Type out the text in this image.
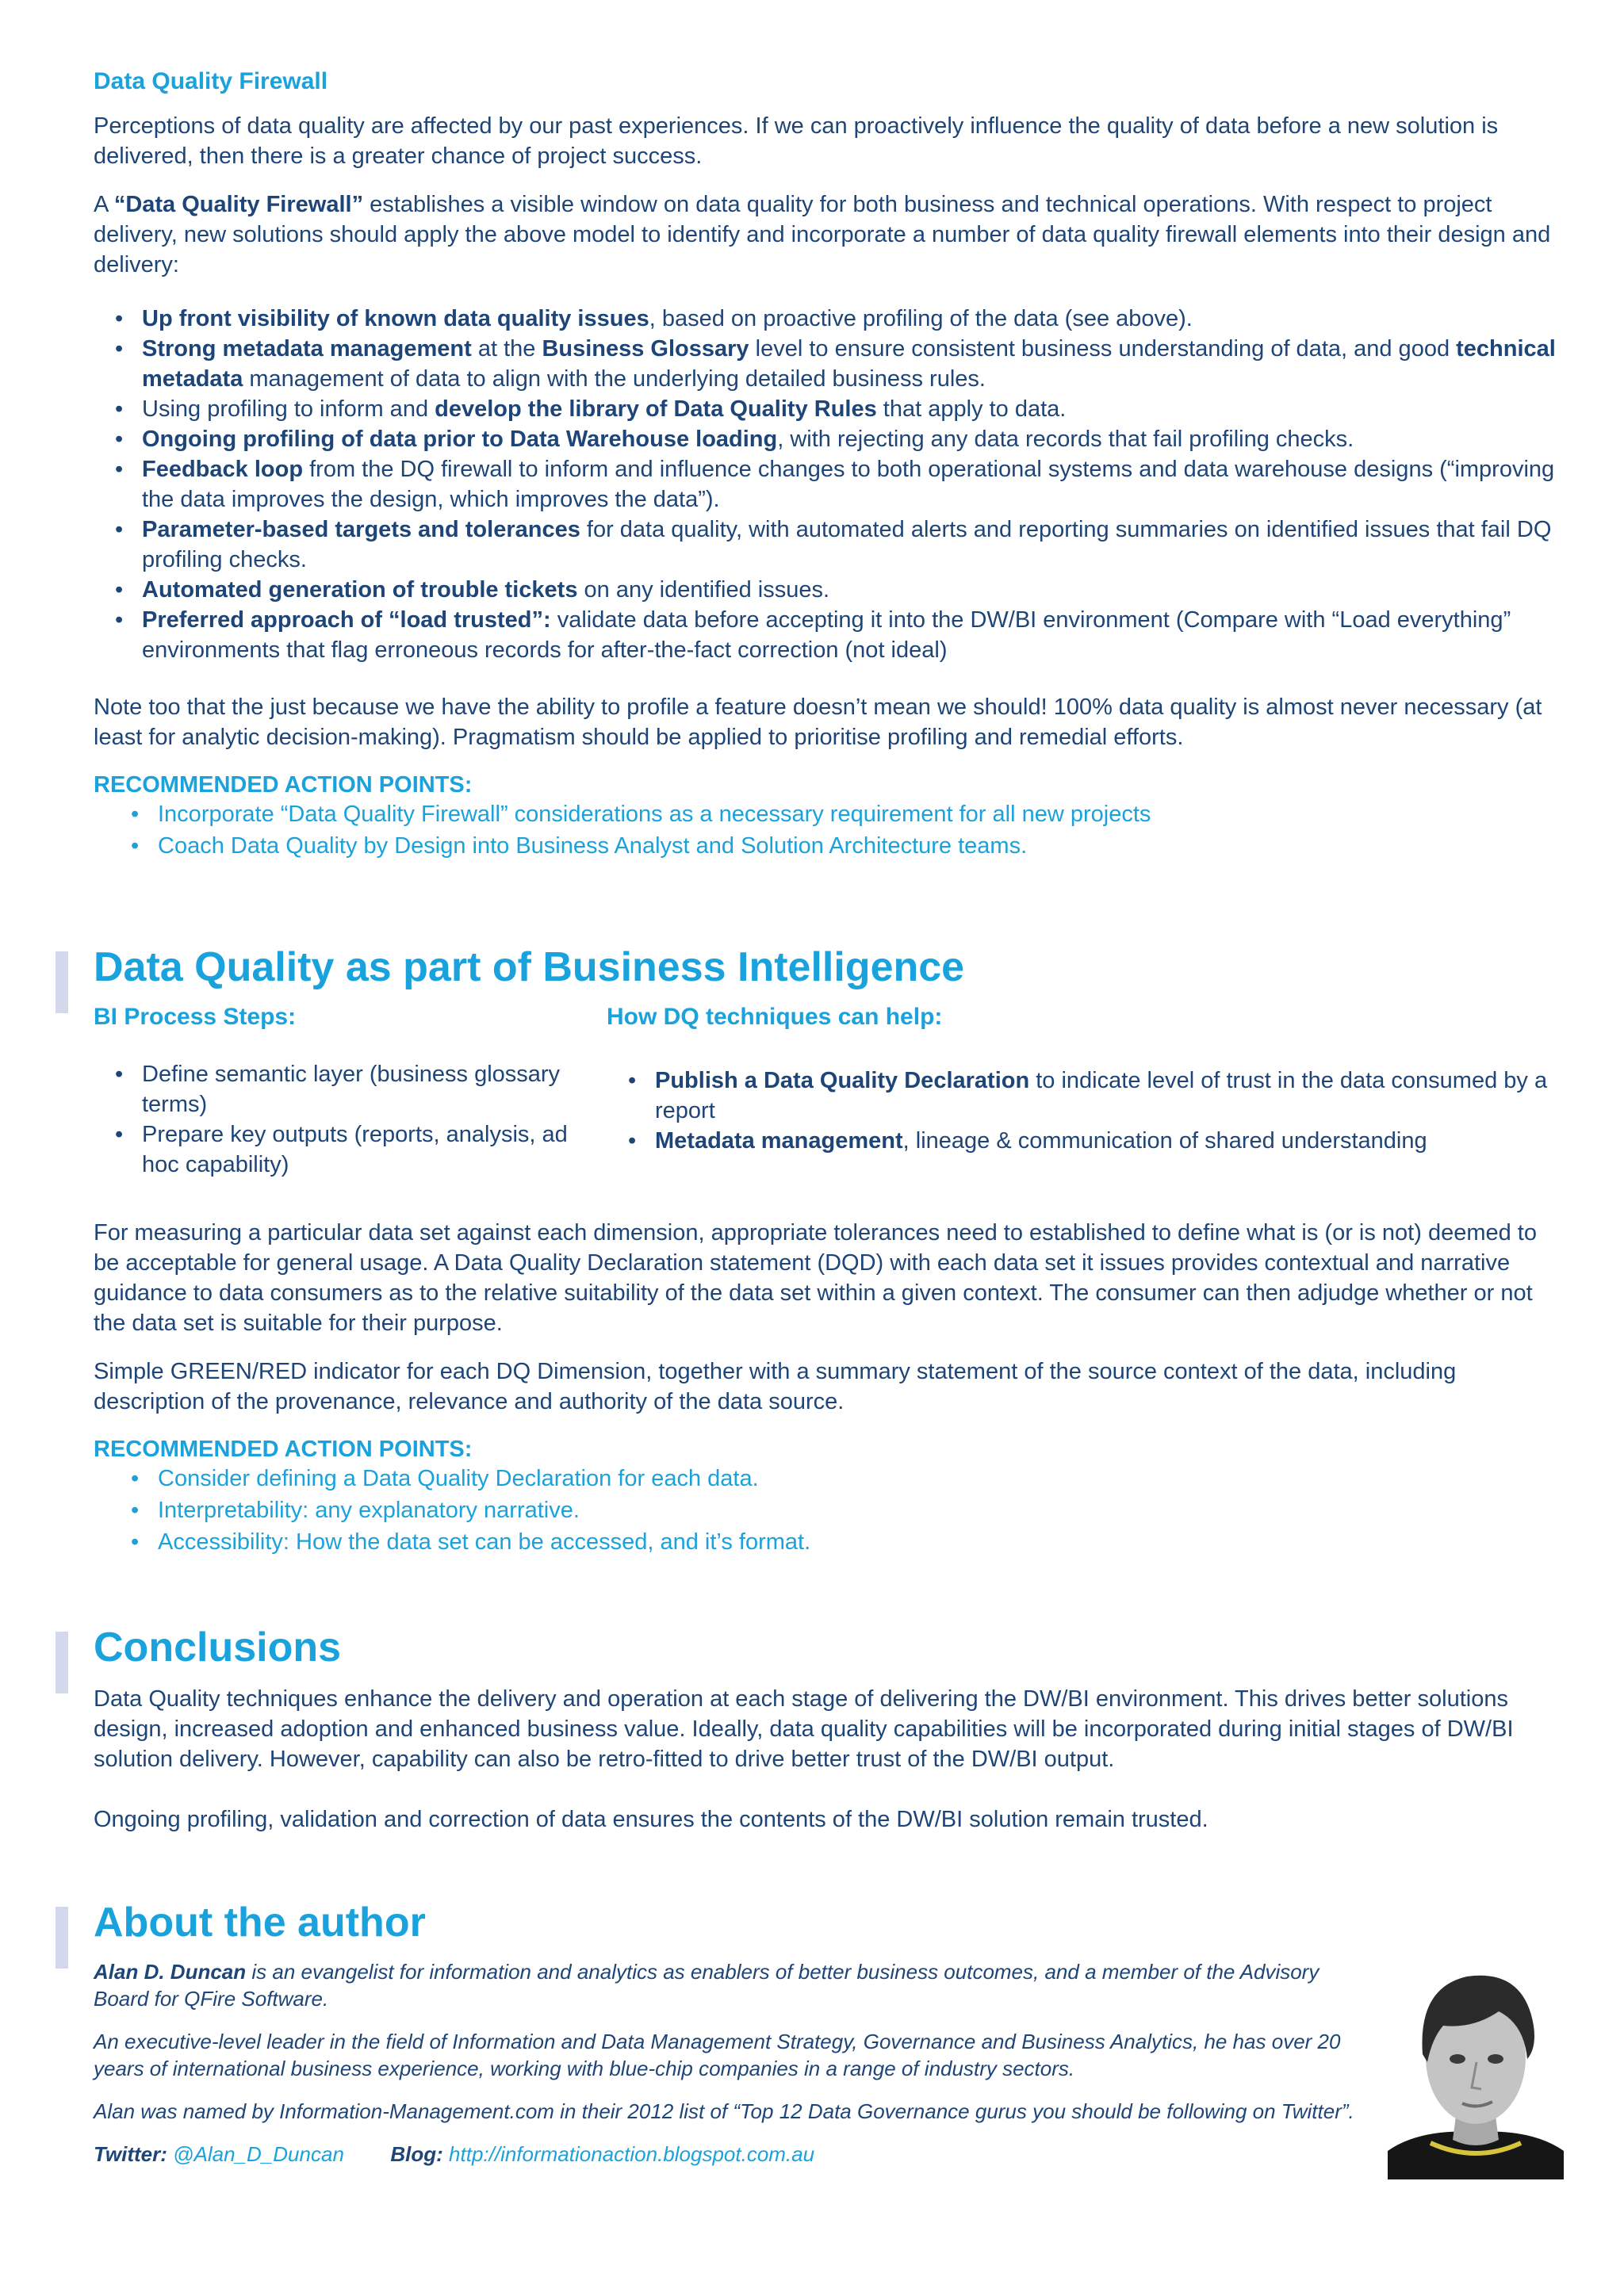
Data Quality Firewall

Perceptions of data quality are affected by our past experiences. If we can proactively influence the quality of data before a new solution is delivered, then there is a greater chance of project success.

A “Data Quality Firewall” establishes a visible window on data quality for both business and technical operations. With respect to project delivery, new solutions should apply the above model to identify and incorporate a number of data quality firewall elements into their design and delivery:

• Up front visibility of known data quality issues, based on proactive profiling of the data (see above).
• Strong metadata management at the Business Glossary level to ensure consistent business understanding of data, and good technical metadata management of data to align with the underlying detailed business rules.
• Using profiling to inform and develop the library of Data Quality Rules that apply to data.
• Ongoing profiling of data prior to Data Warehouse loading, with rejecting any data records that fail profiling checks.
• Feedback loop from the DQ firewall to inform and influence changes to both operational systems and data warehouse designs (“improving the data improves the design, which improves the data”).
• Parameter-based targets and tolerances for data quality, with automated alerts and reporting summaries on identified issues that fail DQ profiling checks.
• Automated generation of trouble tickets on any identified issues.
• Preferred approach of “load trusted”: validate data before accepting it into the DW/BI environment (Compare with “Load everything” environments that flag erroneous records for after-the-fact correction (not ideal)

Note too that the just because we have the ability to profile a feature doesn’t mean we should! 100% data quality is almost never necessary (at least for analytic decision-making). Pragmatism should be applied to prioritise profiling and remedial efforts.

RECOMMENDED ACTION POINTS:
• Incorporate “Data Quality Firewall” considerations as a necessary requirement for all new projects
• Coach Data Quality by Design into Business Analyst and Solution Architecture teams.
Data Quality as part of Business Intelligence
BI Process Steps:
• Define semantic layer (business glossary terms)
• Prepare key outputs (reports, analysis, ad hoc capability)
How DQ techniques can help:
• Publish a Data Quality Declaration to indicate level of trust in the data consumed by a report
• Metadata management, lineage & communication of shared understanding

For measuring a particular data set against each dimension, appropriate tolerances need to established to define what is (or is not) deemed to be acceptable for general usage. A Data Quality Declaration statement (DQD) with each data set it issues provides contextual and narrative guidance to data consumers as to the relative suitability of the data set within a given context. The consumer can then adjudge whether or not the data set is suitable for their purpose.

Simple GREEN/RED indicator for each DQ Dimension, together with a summary statement of the source context of the data, including description of the provenance, relevance and authority of the data source.

RECOMMENDED ACTION POINTS:
• Consider defining a Data Quality Declaration for each data.
• Interpretability: any explanatory narrative.
• Accessibility: How the data set can be accessed, and it’s format.
Conclusions

Data Quality techniques enhance the delivery and operation at each stage of delivering the DW/BI environment. This drives better solutions design, increased adoption and enhanced business value. Ideally, data quality capabilities will be incorporated during initial stages of DW/BI solution delivery. However, capability can also be retro-fitted to drive better trust of the DW/BI output.

Ongoing profiling, validation and correction of data ensures the contents of the DW/BI solution remain trusted.

About the author

Alan D. Duncan is an evangelist for information and analytics as enablers of better business outcomes, and a member of the Advisory Board for QFire Software.

An executive-level leader in the field of Information and Data Management Strategy, Governance and Business Analytics, he has over 20 years of international business experience, working with blue-chip companies in a range of industry sectors.

Alan was named by Information-Management.com in their 2012 list of “Top 12 Data Governance gurus you should be following on Twitter”.

Twitter: @Alan_D_Duncan Blog: http://informationaction.blogspot.com.au
